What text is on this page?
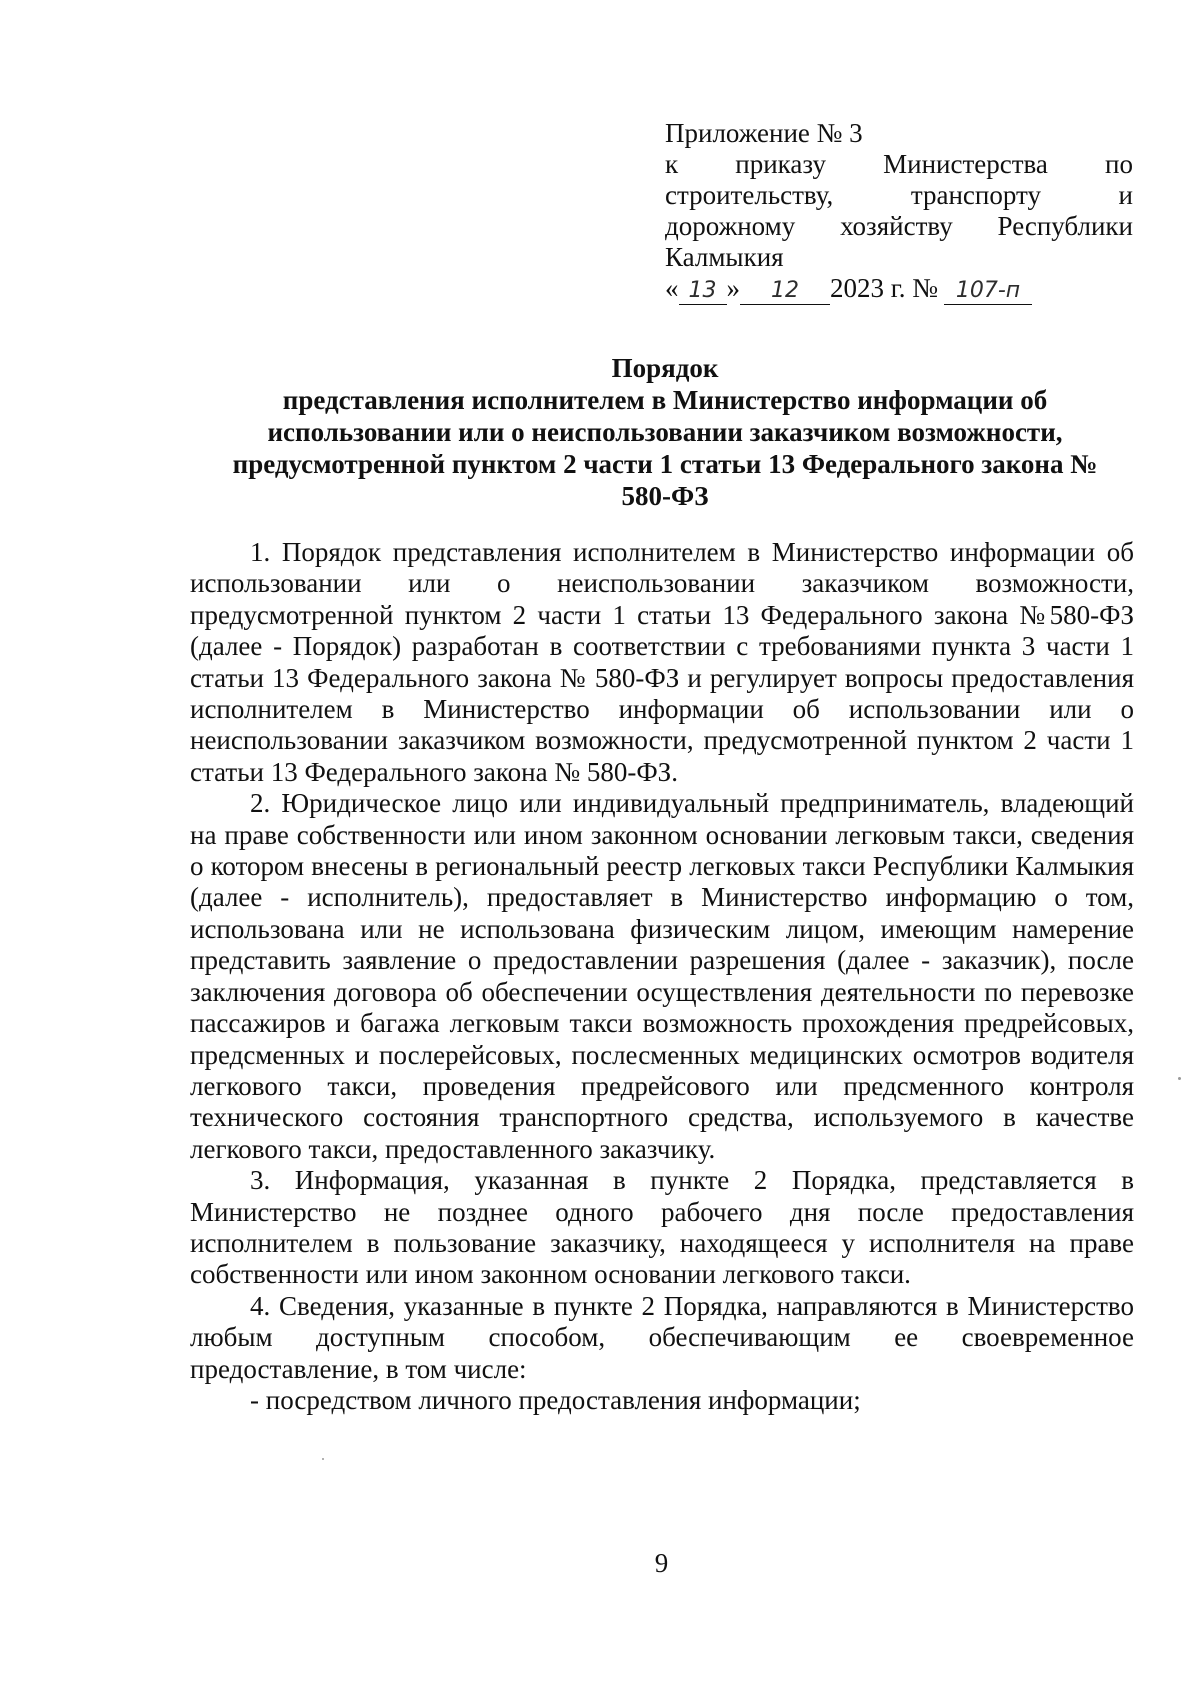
Приложение № 3
к приказу Министерства по
строительству,	транспорту	и
дорожному хозяйству Республики
Калмыкия
« 13 »	12	2023 г. № 107-п
Порядок
представления исполнителем в Министерство информации об
использовании или о неиспользовании заказчиком возможности,
предусмотренной пунктом 2 части 1 статьи 13 Федерального закона №
580-ФЗ

1. Порядок представления исполнителем в Министерство информации об использовании или о неиспользовании заказчиком возможности, предусмотренной пунктом 2 части 1 статьи 13 Федерального закона №580-ФЗ (далее - Порядок) разработан в соответствии с требованиями пункта 3 части 1 статьи 13 Федерального закона № 580-ФЗ и регулирует вопросы предоставления исполнителем в Министерство информации об использовании или о неиспользовании заказчиком возможности, предусмотренной пунктом 2 части 1 статьи 13 Федерального закона № 580-ФЗ.

2. Юридическое лицо или индивидуальный предприниматель, владеющий на праве собственности или ином законном основании легковым такси, сведения о котором внесены в региональный реестр легковых такси Республики Калмыкия (далее - исполнитель), предоставляет в Министерство информацию о том, использована или не использована физическим лицом, имеющим намерение представить заявление о предоставлении разрешения (далее - заказчик), после заключения договора об обеспечении осуществления деятельности по перевозке пассажиров и багажа легковым такси возможность прохождения предрейсовых, предсменных и послерейсовых, послесменных медицинских осмотров водителя легкового такси, проведения предрейсового или предсменного контроля технического состояния транспортного средства, используемого в качестве легкового такси, предоставленного заказчику.

3. Информация, указанная в пункте 2 Порядка, представляется в Министерство не позднее одного рабочего дня после предоставления исполнителем в пользование заказчику, находящееся у исполнителя на праве собственности или ином законном основании легкового такси.

4. Сведения, указанные в пункте 2 Порядка, направляются в Министерство любым доступным способом, обеспечивающим ее своевременное предоставление, в том числе:

- посредством личного предоставления информации;

9
